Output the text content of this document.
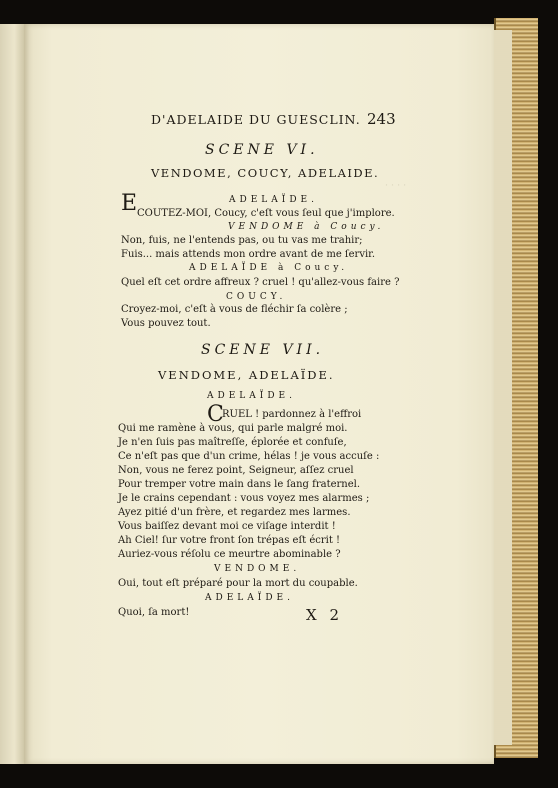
· · · ·
D'ADELAIDE DU GUESCLIN. 243
SCENE VI.
VENDOME, COUCY, ADELAIDE.
ADELAÏDE.
E COUTEZ-MOI, Coucy, c'eſt vous ſeul que j'implore.
VENDOME à Coucy.
Non, fuis, ne l'entends pas, ou tu vas me trahir;
Fuis... mais attends mon ordre avant de me ſervir.
ADELAÏDE à Coucy.
Quel eſt cet ordre affreux ? cruel ! qu'allez-vous faire ?
COUCY.
Croyez-moi, c'eſt à vous de fléchir ſa colère ;
Vous pouvez tout.
SCENE VII.
VENDOME, ADELAÏDE.
ADELAÏDE.
C
RUEL ! pardonnez à l'effroi
Qui me ramène à vous, qui parle malgré moi.
Je n'en ſuis pas maîtreſſe, éplorée et confuſe,
Ce n'eſt pas que d'un crime, hélas ! je vous accuſe :
Non, vous ne ferez point, Seigneur, aſſez cruel
Pour tremper votre main dans le ſang fraternel.
Je le crains cependant : vous voyez mes alarmes ;
Ayez pitié d'un frère, et regardez mes larmes.
Vous baiſſez devant moi ce viſage interdit !
Ah Ciel! ſur votre front ſon trépas eſt écrit !
Auriez-vous réſolu ce meurtre abominable ?
VENDOME.
Oui, tout eſt préparé pour la mort du coupable.
ADELAÏDE.
Quoi, ſa mort!	X 2
